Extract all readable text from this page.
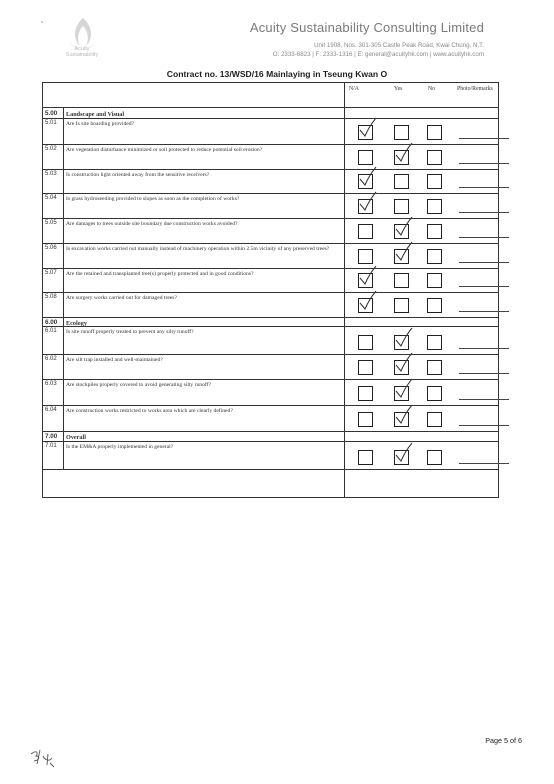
Acuity
Sustainability
Acuity Sustainability Consulting Limited
Unit 1908, Nos. 301-305 Castle Peak Road, Kwai Chung, N.T.
O: 2333-6823 | F: 2333-1316 | E: general@acuityhk.com | www.acuityhk.com
Contract no. 13/WSD/16 Mainlaying in Tseung Kwan O
N/A	Yes	No	Photo/Remarks
5.00 Landscape and Visual
5.01 Are Is site hoarding provided?
5.02 Are vegetation disturbance minimized or soil protected to reduce potential soil erosion?
5.03 Is construction light oriented away from the sensitive receivers?
5.04 Is grass hydroseeding provided to slopes as soon as the completion of works?
5.05 Are damages to trees outside site boundary due construction works avoided?
5.06 Is excavation works carried out manually instead of machinery operation within 2.5m vicinity of any preserved trees?
5.07 Are the retained and transplanted tree(s) properly protected and in good conditions?
5.08 Are surgery works carried out for damaged trees?
6.00 Ecology
6.01 Is site runoff properly treated to prevent any silty runoff?
6.02 Are silt trap installed and well-maintained?
6.03 Are stockpiles properly covered to avoid generating silty runoff?
6.04 Are construction works restricted to works area which are clearly defined?
7.00 Overall
7.01 Is the EM&A properly implemented in general?
Page 5 of 6
